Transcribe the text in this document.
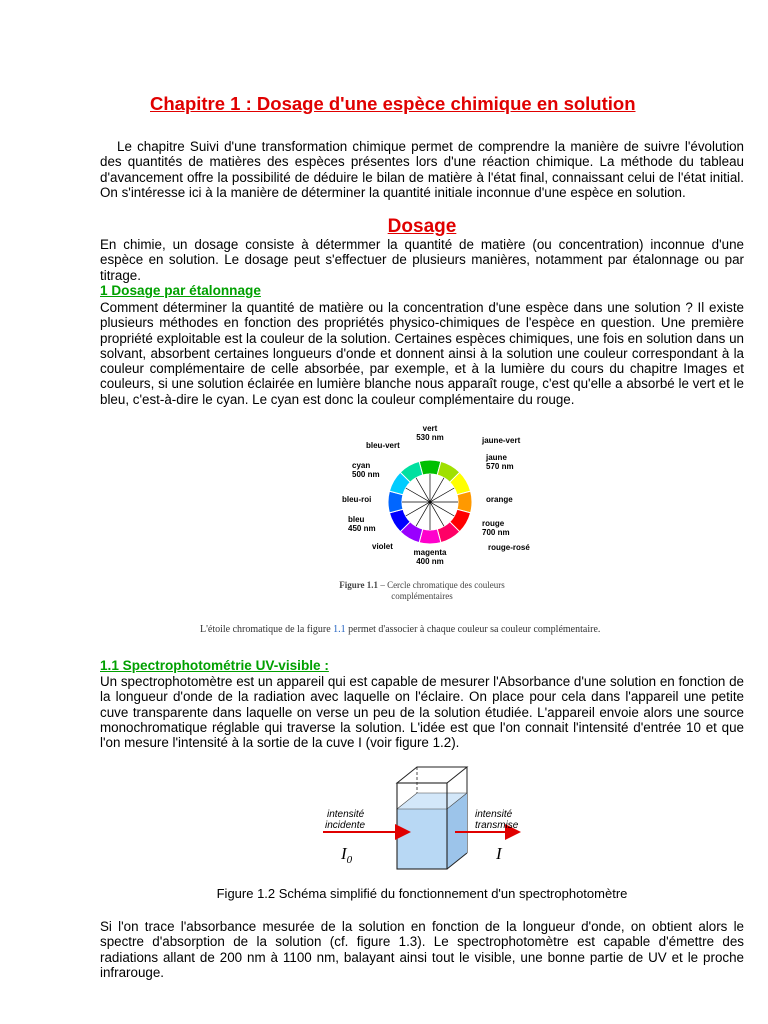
Chapitre 1 : Dosage d'une espèce chimique en solution

Le chapitre Suivi d'une transformation chimique permet de comprendre la manière de suivre l'évolution des quantités de matières des espèces présentes lors d'une réaction chimique. La méthode du tableau d'avancement offre la possibilité de déduire le bilan de matière à l'état final, connaissant celui de l'état initial. On s'intéresse ici à la manière de déterminer la quantité initiale inconnue d'une espèce en solution.

Dosage

En chimie, un dosage consiste à détermmer la quantité de matière (ou concentration) inconnue d'une espèce en solution. Le dosage peut s'effectuer de plusieurs manières, notamment par étalonnage ou par titrage.

1 Dosage par étalonnage

Comment déterminer la quantité de matière ou la concentration d'une espèce dans une solution ? Il existe plusieurs méthodes en fonction des propriétés physico-chimiques de l'espèce en question. Une première propriété exploitable est la couleur de la solution. Certaines espèces chimiques, une fois en solution dans un solvant, absorbent certaines longueurs d'onde et donnent ainsi à la solution une couleur correspondant à la couleur complémentaire de celle absorbée, par exemple, et à la lumière du cours du chapitre Images et couleurs, si une solution éclairée en lumière blanche nous apparaît rouge, c'est qu'elle a absorbé le vert et le bleu, c'est-à-dire le cyan. Le cyan est donc la couleur complémentaire du rouge.

vert 530 nm	jaune-vert
jaune 570 nm
orange
rouge 700 nm
rouge-rosé
magenta 400 nm
violet
bleu 450 nm
bleu-roi
cyan 500 nm
bleu-vert
Figure 1.1 – Cercle chromatique des couleurs complémentaires
L'étoile chromatique de la figure 1.1 permet d'associer à chaque couleur sa couleur complémentaire.
1.1 Spectrophotométrie UV-visible :

Un spectrophotomètre est un appareil qui est capable de mesurer l'Absorbance d'une solution en fonction de la longueur d'onde de la radiation avec laquelle on l'éclaire. On place pour cela dans l'appareil une petite cuve transparente dans laquelle on verse un peu de la solution étudiée. L'appareil envoie alors une source monochromatique réglable qui traverse la solution. L'idée est que l'on connait l'intensité d'entrée 10 et que l'on mesure l'intensité à la sortie de la cuve I (voir figure 1.2).

intensité
incidente
$I_0$
intensité
transmise
I
Figure 1.2 Schéma simplifié du fonctionnement d'un spectrophotomètre

Si l'on trace l'absorbance mesurée de la solution en fonction de la longueur d'onde, on obtient alors le spectre d'absorption de la solution (cf. figure 1.3). Le spectrophotomètre est capable d'émettre des radiations allant de 200 nm à 1100 nm, balayant ainsi tout le visible, une bonne partie de UV et le proche infrarouge.
